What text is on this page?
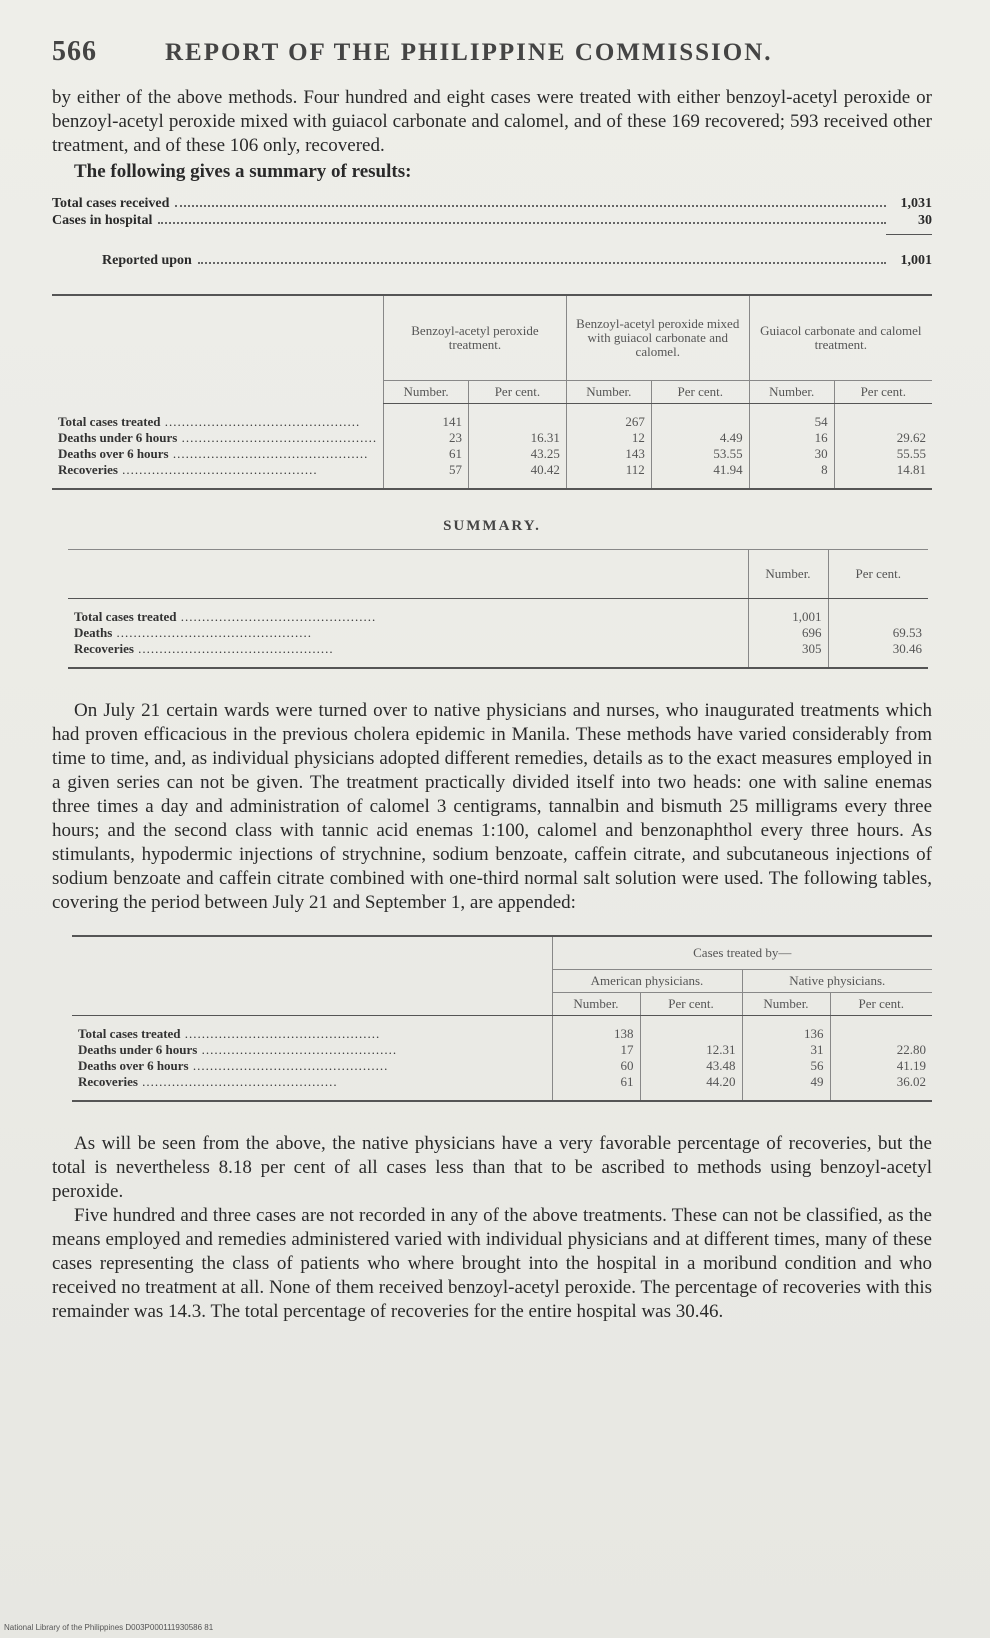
566	REPORT OF THE PHILIPPINE COMMISSION.

by either of the above methods. Four hundred and eight cases were treated with either benzoyl-acetyl peroxide or benzoyl-acetyl peroxide mixed with guiacol carbonate and calomel, and of these 169 recovered; 593 received other treatment, and of these 106 only, recovered.

The following gives a summary of results:

Total cases received	1,031
Cases in hospital	30
Reported upon	1,001
	Benzoyl-acetyl peroxide treatment.		Benzoyl-acetyl peroxide mixed with guiacol carbonate and calomel.		Guiacol carbonate and calomel treatment.	
	Number.	Per cent.	Number.	Per cent.	Number.	Per cent.
Total cases treated .....	141		267		54	
Deaths under 6 hours .....	23	16.31	12	4.49	16	29.62
Deaths over 6 hours .....	61	43.25	143	53.55	30	55.55
Recoveries .....	57	40.42	112	41.94	8	14.81
SUMMARY.
	Number.	Per cent.
Total cases treated .....	1,001	
Deaths .....	696	69.53
Recoveries .....	305	30.46

On July 21 certain wards were turned over to native physicians and nurses, who inaugurated treatments which had proven efficacious in the previous cholera epidemic in Manila. These methods have varied considerably from time to time, and, as individual physicians adopted different remedies, details as to the exact measures employed in a given series can not be given. The treatment practically divided itself into two heads: one with saline enemas three times a day and administration of calomel 3 centigrams, tannalbin and bismuth 25 milligrams every three hours; and the second class with tannic acid enemas 1:100, calomel and benzonaphthol every three hours. As stimulants, hypodermic injections of strychnine, sodium benzoate, caffein citrate, and subcutaneous injections of sodium benzoate and caffein citrate combined with one-third normal salt solution were used. The following tables, covering the period between July 21 and September 1, are appended:

	Cases treated by—			
	American physicians.		Native physicians.	
	Number.	Per cent.	Number.	Per cent.
Total cases treated .....	138		136	
Deaths under 6 hours .....	17	12.31	31	22.80
Deaths over 6 hours .....	60	43.48	56	41.19
Recoveries .....	61	44.20	49	36.02

As will be seen from the above, the native physicians have a very favorable percentage of recoveries, but the total is nevertheless 8.18 per cent of all cases less than that to be ascribed to methods using benzoyl-acetyl peroxide.

Five hundred and three cases are not recorded in any of the above treatments. These can not be classified, as the means employed and remedies administered varied with individual physicians and at different times, many of these cases representing the class of patients who where brought into the hospital in a moribund condition and who received no treatment at all. None of them received benzoyl-acetyl peroxide. The percentage of recoveries with this remainder was 14.3. The total percentage of recoveries for the entire hospital was 30.46.

National Library of the Philippines D003P000111930586 81
